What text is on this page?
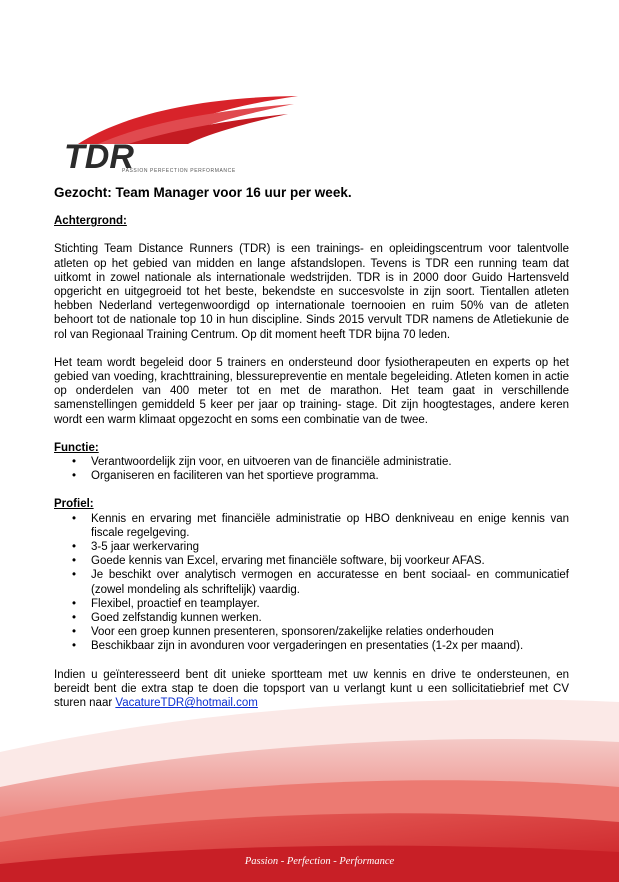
Passion - Perfection - Performance
TDR
PASSION PERFECTION PERFORMANCE

Gezocht: Team Manager voor 16 uur per week.

Achtergrond:

Stichting Team Distance Runners (TDR) is een trainings- en opleidingscentrum voor talentvolle atleten op het gebied van midden en lange afstandslopen. Tevens is TDR een running team dat uitkomt in zowel nationale als internationale wedstrijden. TDR is in 2000 door Guido Hartensveld opgericht en uitgegroeid tot het beste, bekendste en succesvolste in zijn soort. Tientallen atleten hebben Nederland vertegenwoordigd op internationale toernooien en ruim 50% van de atleten behoort tot de nationale top 10 in hun discipline. Sinds 2015 vervult TDR namens de Atletiekunie de rol van Regionaal Training Centrum. Op dit moment heeft TDR bijna 70 leden.

Het team wordt begeleid door 5 trainers en ondersteund door fysiotherapeuten en experts op het gebied van voeding, krachttraining, blessurepreventie en mentale begeleiding. Atleten komen in actie op onderdelen van 400 meter tot en met de marathon. Het team gaat in verschillende samenstellingen gemiddeld 5 keer per jaar op training- stage. Dit zijn hoogtestages, andere keren wordt een warm klimaat opgezocht en soms een combinatie van de twee.

Functie:

• Verantwoordelijk zijn voor, en uitvoeren van de financiële administratie.
• Organiseren en faciliteren van het sportieve programma.

Profiel:

• Kennis en ervaring met financiële administratie op HBO denkniveau en enige kennis van fiscale regelgeving.
• 3-5 jaar werkervaring
• Goede kennis van Excel, ervaring met financiële software, bij voorkeur AFAS.
• Je beschikt over analytisch vermogen en accuratesse en bent sociaal- en communicatief (zowel mondeling als schriftelijk) vaardig.
• Flexibel, proactief en teamplayer.
• Goed zelfstandig kunnen werken.
• Voor een groep kunnen presenteren, sponsoren/zakelijke relaties onderhouden
• Beschikbaar zijn in avonduren voor vergaderingen en presentaties (1-2x per maand).

Indien u geïnteresseerd bent dit unieke sportteam met uw kennis en drive te ondersteunen, en bereidt bent die extra stap te doen die topsport van u verlangt kunt u een sollicitatiebrief met CV sturen naar VacatureTDR@hotmail.com
